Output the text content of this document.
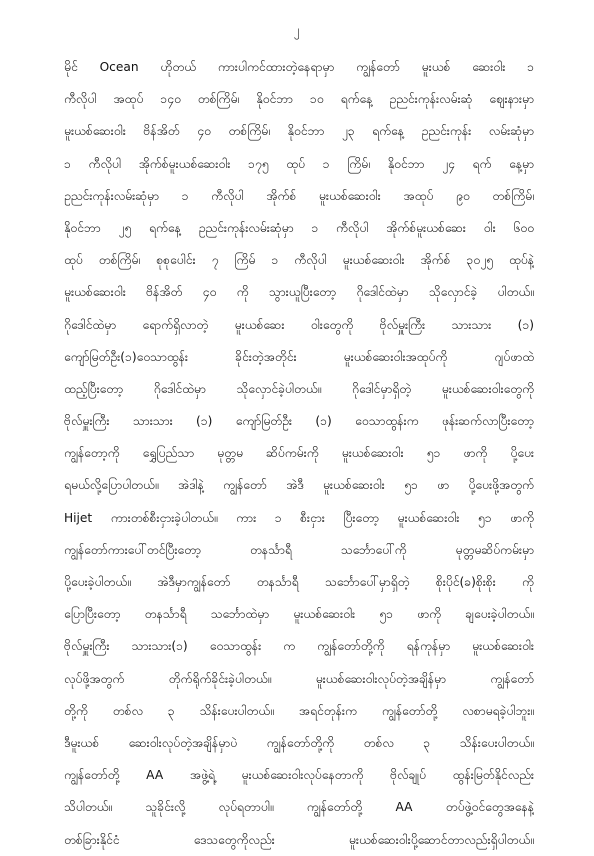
၂
မိုင် Ocean ဟိုတယ် ကားပါကင်ထားတဲ့နေရာမှာ ကျွန်တော် မူးယစ် ဆေးဝါး ၁
ကီလိုပါ အထုပ် ၁၄၀ တစ်ကြိမ်၊ နိုဝင်ဘာ ၁၀ ရက်နေ့ ဥညင်းကုန်းလမ်းဆုံ ဈေးနားမှာ
မူးယစ်ဆေးဝါး ဗိန်အိတ် ၄၀ တစ်ကြိမ်၊ နိုဝင်ဘာ ၂၃ ရက်နေ့ ဥညင်းကုန်း လမ်းဆုံမှာ
၁ ကီလိုပါ အိုက်စ်မူးယစ်ဆေးဝါး ၁၇၅ ထုပ် ၁ ကြိမ်၊ နိုဝင်ဘာ ၂၄ ရက် နေ့မှာ
ဥညင်းကုန်းလမ်းဆုံမှာ ၁ ကီလိုပါ အိုက်စ် မူးယစ်ဆေးဝါး အထုပ် ၉၀ တစ်ကြိမ်၊
နိုဝင်ဘာ ၂၅ ရက်နေ့ ဥညင်းကုန်းလမ်းဆုံမှာ ၁ ကီလိုပါ အိုက်စ်မူးယစ်ဆေး ဝါး ၆၀၀
ထုပ် တစ်ကြိမ်၊ စုစုပေါင်း ၇ ကြိမ် ၁ ကီလိုပါ မူးယစ်ဆေးဝါး အိုက်စ် ၃၀၂၅ ထုပ်နဲ့
မူးယစ်ဆေးဝါး ဗိန်အိတ် ၄၀ ကို သွားယူပြီးတော့ ဂိုဒေါင်ထဲမှာ သိုလှောင်ခဲ့ ပါတယ်။
ဂိုဒေါင်ထဲမှာ ရောက်ရှိလာတဲ့ မူးယစ်ဆေး ဝါးတွေကို ဗိုလ်မှူးကြီး သားသား (၁)
ကျော်မြတ်ဦး(၁)ဝေသာထွန်း ခိုင်းတဲ့အတိုင်း မူးယစ်ဆေးဝါးအထုပ်ကို ဂျပ်ဖာထဲ
ထည့်ပြီးတော့ ဂိုဒေါင်ထဲမှာ သိုလှောင်ခဲ့ပါတယ်။ ဂိုဒေါင်မှာရှိတဲ့ မူးယစ်ဆေးဝါးတွေကို
ဗိုလ်မှူးကြီး သားသား (၁) ကျော်မြတ်ဦး (၁) ဝေသာထွန်းက ဖုန်းဆက်လာပြီးတော့
ကျွန်တော့ကို ရွှေပြည်သာ မုတ္တမ ဆိပ်ကမ်းကို မူးယစ်ဆေးဝါး ၅၁ ဖာကို ပို့ပေး
ရမယ်လို့ပြောပါတယ်။ အဲဒါနဲ့ ကျွန်တော် အဲဒီ မူးယစ်ဆေးဝါး ၅၁ ဖာ ပို့ပေးဖို့အတွက်
Hijet ကားတစ်စီးငှားခဲ့ပါတယ်။ ကား ၁ စီးငှား ပြီးတော့ မူးယစ်ဆေးဝါး ၅၁ ဖာကို
ကျွန်တော်ကားပေါ်တင်ပြီးတော့ တနင်္သာရီ သင်္ဘောပေါ်ကို မုတ္တမဆိပ်ကမ်းမှာ
ပို့ပေးခဲ့ပါတယ်။ အဲဒီမှာကျွန်တော် တနင်္သာရီ သင်္ဘောပေါ်မှာရှိတဲ့ စိုးပိုင်(ခ)စိုးစိုး ကို
ပြောပြီးတော့ တနင်္သာရီ သင်္ဘောထဲမှာ မူးယစ်ဆေးဝါး ၅၁ ဖာကို ချပေးခဲ့ပါတယ်။
ဗိုလ်မှူးကြီး သားသား(၁) ဝေသာထွန်း က ကျွန်တော်တို့ကို ရန်ကုန်မှာ မူးယစ်ဆေးဝါး
လုပ်ဖို့အတွက် တိုက်ရိုက်ခိုင်းခဲ့ပါတယ်။ မူးယစ်ဆေးဝါးလုပ်တဲ့အချိန်မှာ ကျွန်တော်
တို့ကို တစ်လ ၃ သိန်းပေးပါတယ်။ အရင်တုန်းက ကျွန်တော်တို့ လစာမရခဲ့ပါဘူး။
ဒီမူးယစ် ဆေးဝါးလုပ်တဲ့အချိန်မှာပဲ ကျွန်တော်တို့ကို တစ်လ ၃ သိန်းပေးပါတယ်။
ကျွန်တော်တို့ AA အဖွဲ့ရဲ့ မူးယစ်ဆေးဝါးလုပ်နေတာကို ဗိုလ်ချုပ် ထွန်းမြတ်နိုင်လည်း
သိပါတယ်။ သူခိုင်းလို့ လုပ်ရတာပါ။ ကျွန်တော်တို့ AA တပ်ဖွဲ့ဝင်တွေအနေနဲ့
တစ်ခြားနိုင်ငံ ဒေသတွေကိုလည်း မူးယစ်ဆေးဝါးပို့ဆောင်တာလည်းရှိပါတယ်။
